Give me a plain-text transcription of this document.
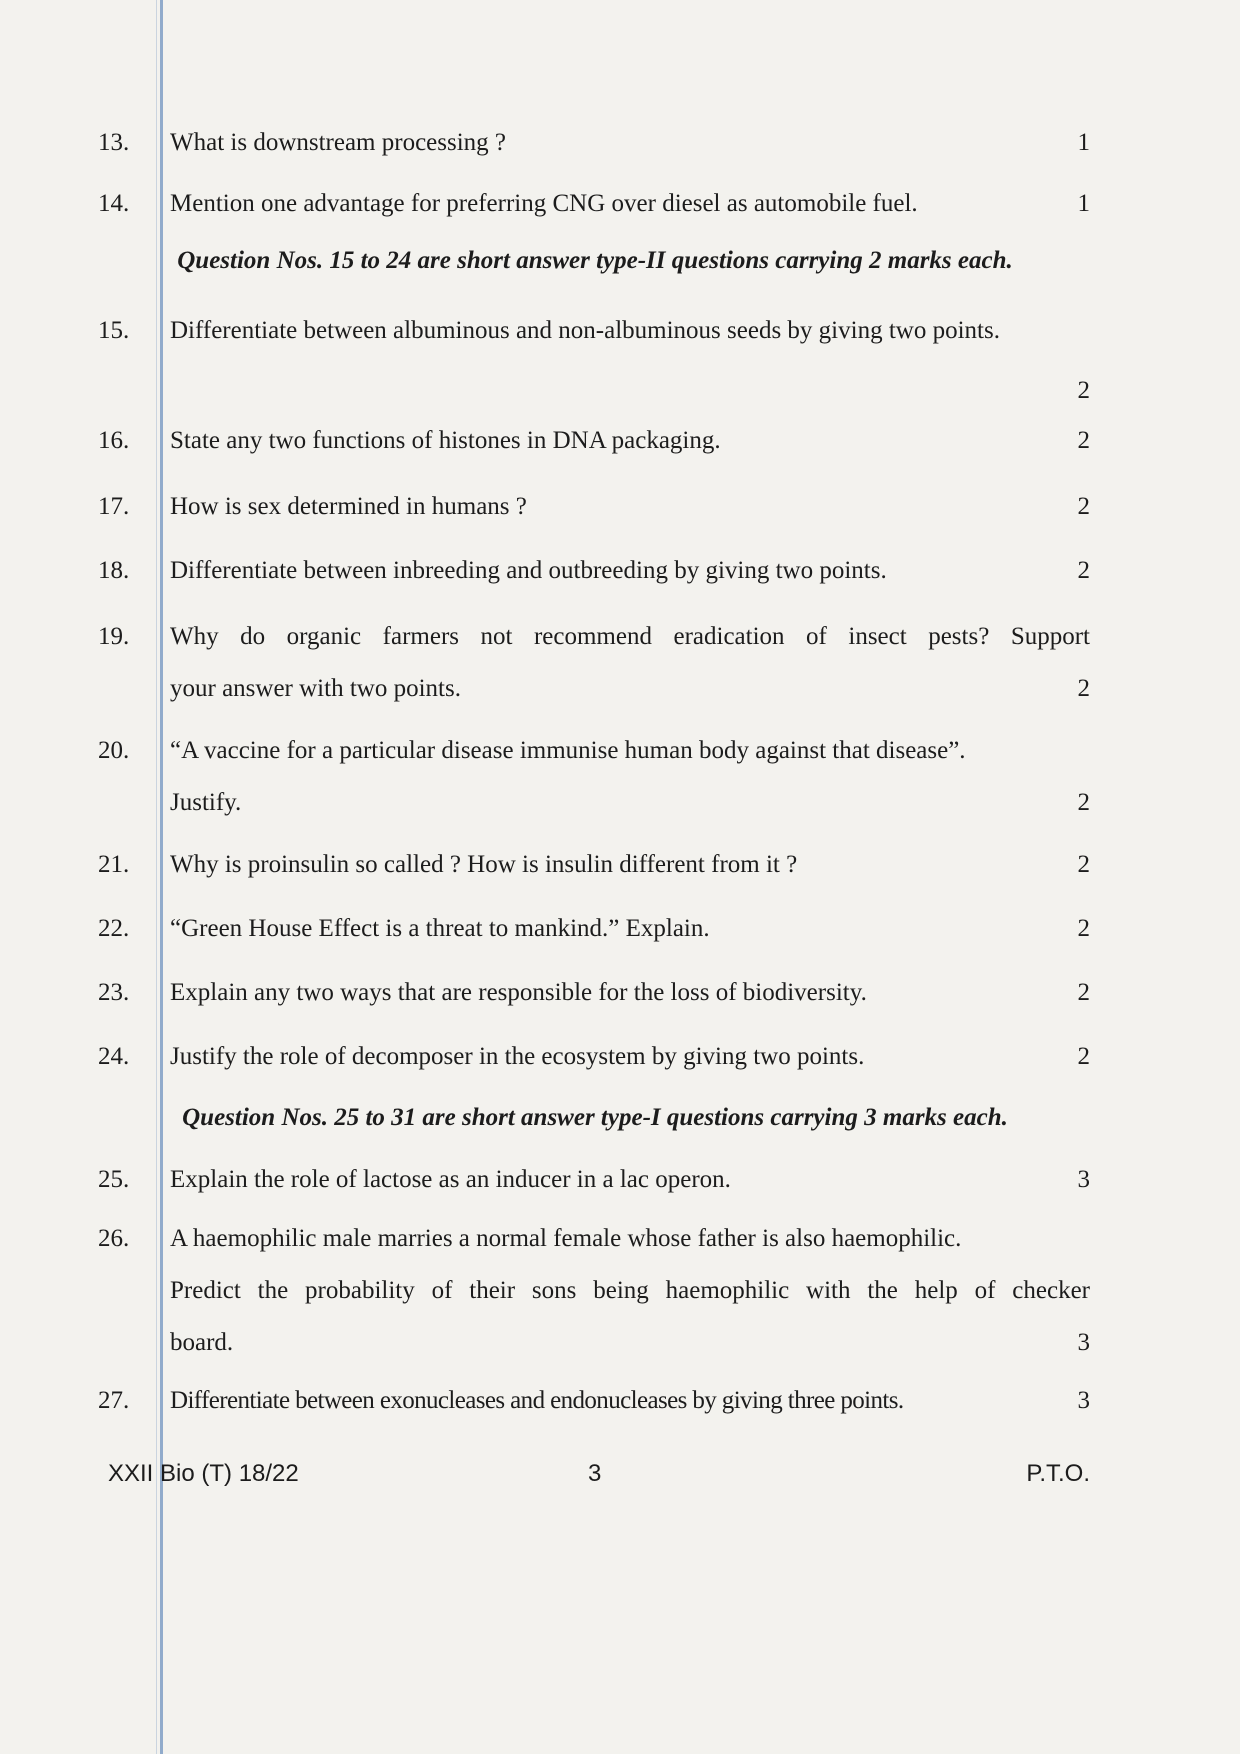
13.	What is downstream processing ?	1
14.	Mention one advantage for preferring CNG over diesel as automobile fuel.	1
Question Nos. 15 to 24 are short answer type-II questions carrying 2 marks each.
15.	Differentiate between albuminous and non-albuminous seeds by giving two points.
2
16.	State any two functions of histones in DNA packaging.	2
17.	How is sex determined in humans ?	2
18.	Differentiate between inbreeding and outbreeding by giving two points.	2
19.	Why do organic farmers not recommend eradication of insect pests? Support
your answer with two points.	2
20.	“A vaccine for a particular disease immunise human body against that disease”.
Justify.	2
21.	Why is proinsulin so called ? How is insulin different from it ?	2
22.	“Green House Effect is a threat to mankind.” Explain.	2
23.	Explain any two ways that are responsible for the loss of biodiversity.	2
24.	Justify the role of decomposer in the ecosystem by giving two points.	2
Question Nos. 25 to 31 are short answer type-I questions carrying 3 marks each.
25.	Explain the role of lactose as an inducer in a lac operon.	3
26.	A haemophilic male marries a normal female whose father is also haemophilic.
Predict the probability of their sons being haemophilic with the help of checker
board.	3
27.	Differentiate between exonucleases and endonucleases by giving three points.	3
XXII Bio (T) 18/22	3	P.T.O.
